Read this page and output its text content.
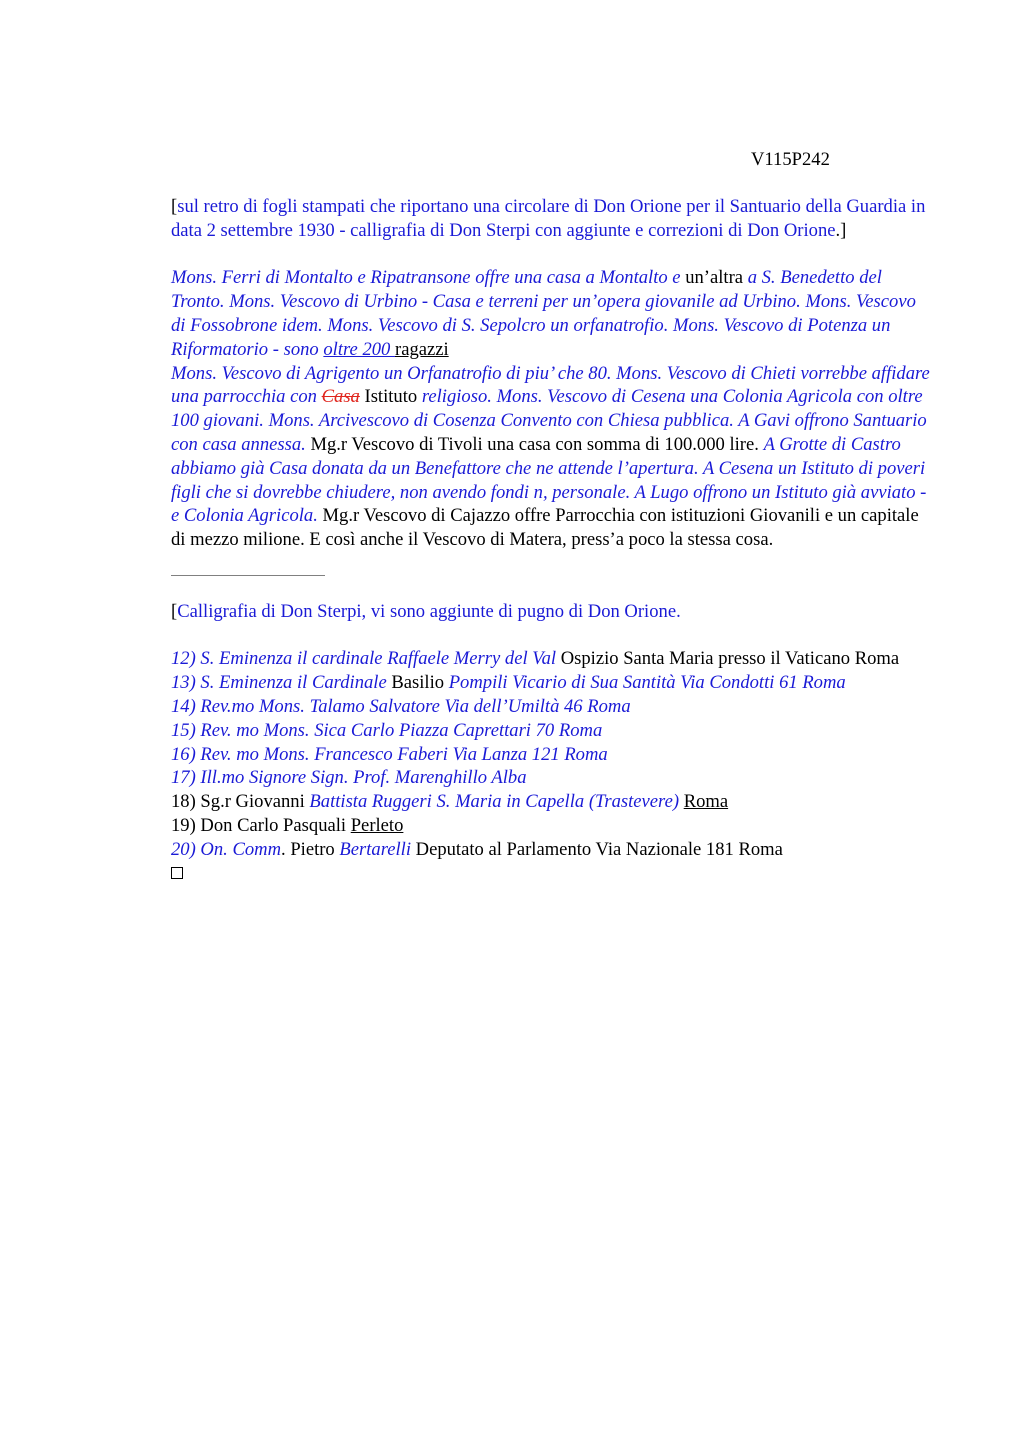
V115P242

[sul retro di fogli stampati che riportano una circolare di Don Orione per il Santuario della Guardia in data 2 settembre 1930 - calligrafia di Don Sterpi con aggiunte e correzioni di Don Orione.]

Mons. Ferri di Montalto e Ripatransone offre una casa a Montalto e un’altra a S. Benedetto del Tronto. Mons. Vescovo di Urbino - Casa e terreni per un’opera giovanile ad Urbino. Mons. Vescovo di Fossobrone idem. Mons. Vescovo di S. Sepolcro un orfanatrofio. Mons. Vescovo di Potenza un Riformatorio - sono oltre 200 ragazzi
Mons. Vescovo di Agrigento un Orfanatrofio di piu’ che 80. Mons. Vescovo di Chieti vorrebbe affidare una parrocchia con Casa Istituto religioso. Mons. Vescovo di Cesena una Colonia Agricola con oltre 100 giovani. Mons. Arcivescovo di Cosenza Convento con Chiesa pubblica. A Gavi offrono Santuario con casa annessa. Mg.r Vescovo di Tivoli una casa con somma di 100.000 lire. A Grotte di Castro abbiamo già Casa donata da un Benefattore che ne attende l’apertura. A Cesena un Istituto di poveri figli che si dovrebbe chiudere, non avendo fondi n, personale. A Lugo offrono un Istituto già avviato - e Colonia Agricola. Mg.r Vescovo di Cajazzo offre Parrocchia con istituzioni Giovanili e un capitale di mezzo milione. E così anche il Vescovo di Matera, press’a poco la stessa cosa.

[Calligrafia di Don Sterpi, vi sono aggiunte di pugno di Don Orione.

12) S. Eminenza il cardinale Raffaele Merry del Val Ospizio Santa Maria presso il Vaticano Roma

13) S. Eminenza il Cardinale Basilio Pompili Vicario di Sua Santità Via Condotti 61 Roma

14) Rev.mo Mons. Talamo Salvatore Via dell’Umiltà 46 Roma

15) Rev. mo Mons. Sica Carlo Piazza Caprettari 70 Roma

16) Rev. mo Mons. Francesco Faberi Via Lanza 121 Roma

17) Ill.mo Signore Sign. Prof. Marenghillo Alba

18) Sg.r Giovanni Battista Ruggeri S. Maria in Capella (Trastevere) Roma

19) Don Carlo Pasquali Perleto

20) On. Comm. Pietro Bertarelli Deputato al Parlamento Via Nazionale 181 Roma
